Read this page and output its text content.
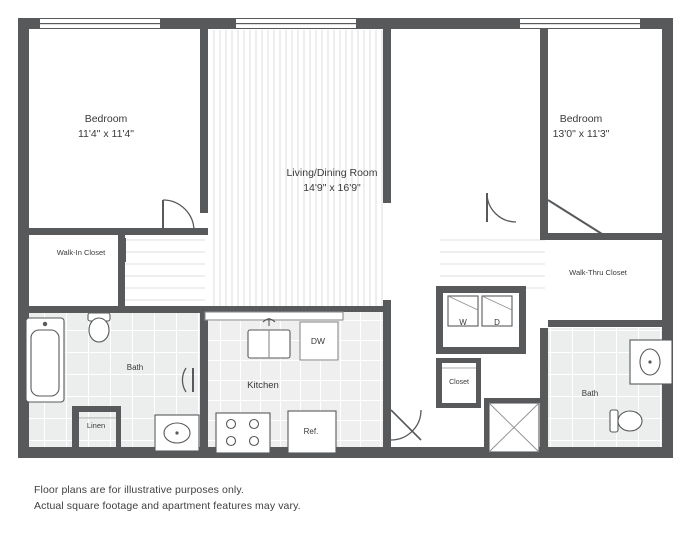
Bedroom
11'4" x 11'4"
Living/Dining Room
14'9" x 16'9"
Bedroom
13'0" x 11'3"
Walk-In Closet
Walk-Thru Closet
Bath
Bath
Kitchen
Linen
Closet
DW
Ref.
W	D
Floor plans are for illustrative purposes only.
Actual square footage and apartment features may vary.
